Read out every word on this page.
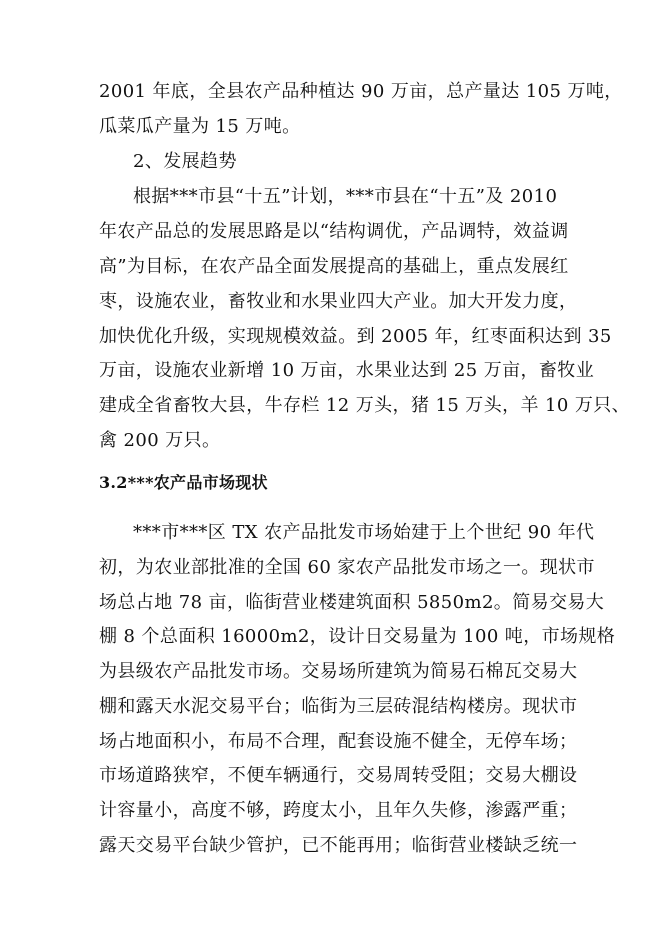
2001 年底，全县农产品种植达 90 万亩，总产量达 105 万吨，
瓜菜瓜产量为 15 万吨。
2、发展趋势
根据***市县“十五”计划，***市县在“十五”及 2010
年农产品总的发展思路是以“结构调优，产品调特，效益调
高”为目标，在农产品全面发展提高的基础上，重点发展红
枣，设施农业，畜牧业和水果业四大产业。加大开发力度，
加快优化升级，实现规模效益。到 2005 年，红枣面积达到 35
万亩，设施农业新增 10 万亩，水果业达到 25 万亩，畜牧业
建成全省畜牧大县，牛存栏 12 万头，猪 15 万头，羊 10 万只、
禽 200 万只。
3.2***农产品市场现状
***市***区 TX 农产品批发市场始建于上个世纪 90 年代
初，为农业部批准的全国 60 家农产品批发市场之一。现状市
场总占地 78 亩，临街营业楼建筑面积 5850m2。简易交易大
棚 8 个总面积 16000m2，设计日交易量为 100 吨，市场规格
为县级农产品批发市场。交易场所建筑为简易石棉瓦交易大
棚和露天水泥交易平台；临街为三层砖混结构楼房。现状市
场占地面积小，布局不合理，配套设施不健全，无停车场；
市场道路狭窄，不便车辆通行，交易周转受阻；交易大棚设
计容量小，高度不够，跨度太小，且年久失修，渗露严重；
露天交易平台缺少管护，已不能再用；临街营业楼缺乏统一
